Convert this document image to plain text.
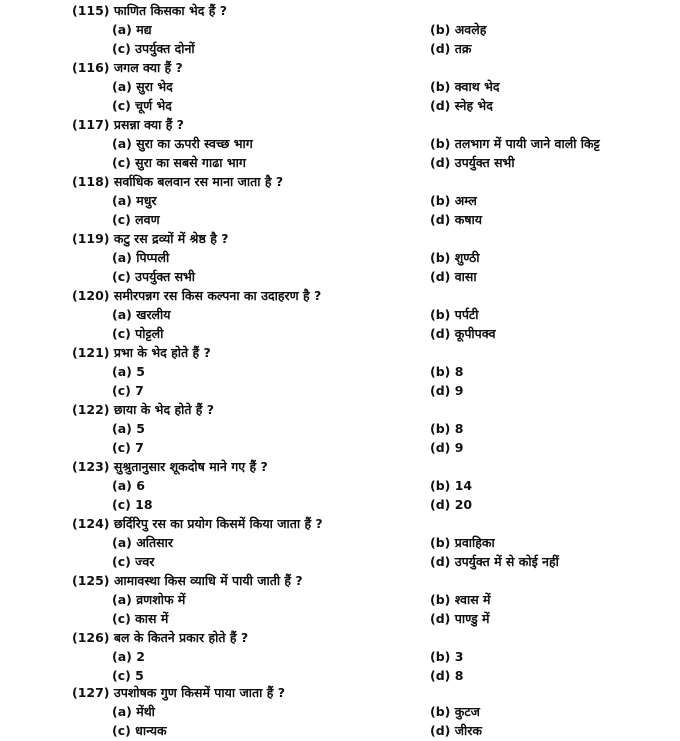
(115) फाणित किसका भेद हैं ?
(a) मद्य	(b) अवलेह
(c) उपर्युक्त दोनों	(d) तक्र
(116) जगल क्या हैं ?
(a) सुरा भेद	(b) क्वाथ भेद
(c) चूर्ण भेद	(d) स्नेह भेद
(117) प्रसन्ना क्या हैं ?
(a) सुरा का ऊपरी स्वच्छ भाग	(b) तलभाग में पायी जाने वाली किट्ट
(c) सुरा का सबसे गाढा भाग	(d) उपर्युक्त सभी
(118) सर्वाधिक बलवान रस माना जाता है ?
(a) मधुर	(b) अम्ल
(c) लवण	(d) कषाय
(119) कटु रस द्रव्यों में श्रेष्ठ है ?
(a) पिप्पली	(b) शुण्ठी
(c) उपर्युक्त सभी	(d) वासा
(120) समीरपन्नग रस किस कल्पना का उदाहरण है ?
(a) खरलीय	(b) पर्पटी
(c) पोट्टली	(d) कूपीपक्व
(121) प्रभा के भेद होते हैं ?
(a) 5	(b) 8
(c) 7	(d) 9
(122) छाया के भेद होते हैं ?
(a) 5	(b) 8
(c) 7	(d) 9
(123) सुश्रुतानुसार शूकदोष माने गए हैं ?
(a) 6	(b) 14
(c) 18	(d) 20
(124) छर्दिरिपु रस का प्रयोग किसमें किया जाता हैं ?
(a) अतिसार	(b) प्रवाहिका
(c) ज्वर	(d) उपर्युक्त में से कोई नहीं
(125) आमावस्था किस व्याधि में पायी जाती हैं ?
(a) व्रणशोफ में	(b) श्वास में
(c) कास में	(d) पाण्डु में
(126) बल के कितने प्रकार होते हैं ?
(a) 2	(b) 3
(c) 5	(d) 8
(127) उपशोषक गुण किसमें पाया जाता हैं ?
(a) मेंथी	(b) कुटज
(c) धान्यक	(d) जीरक
